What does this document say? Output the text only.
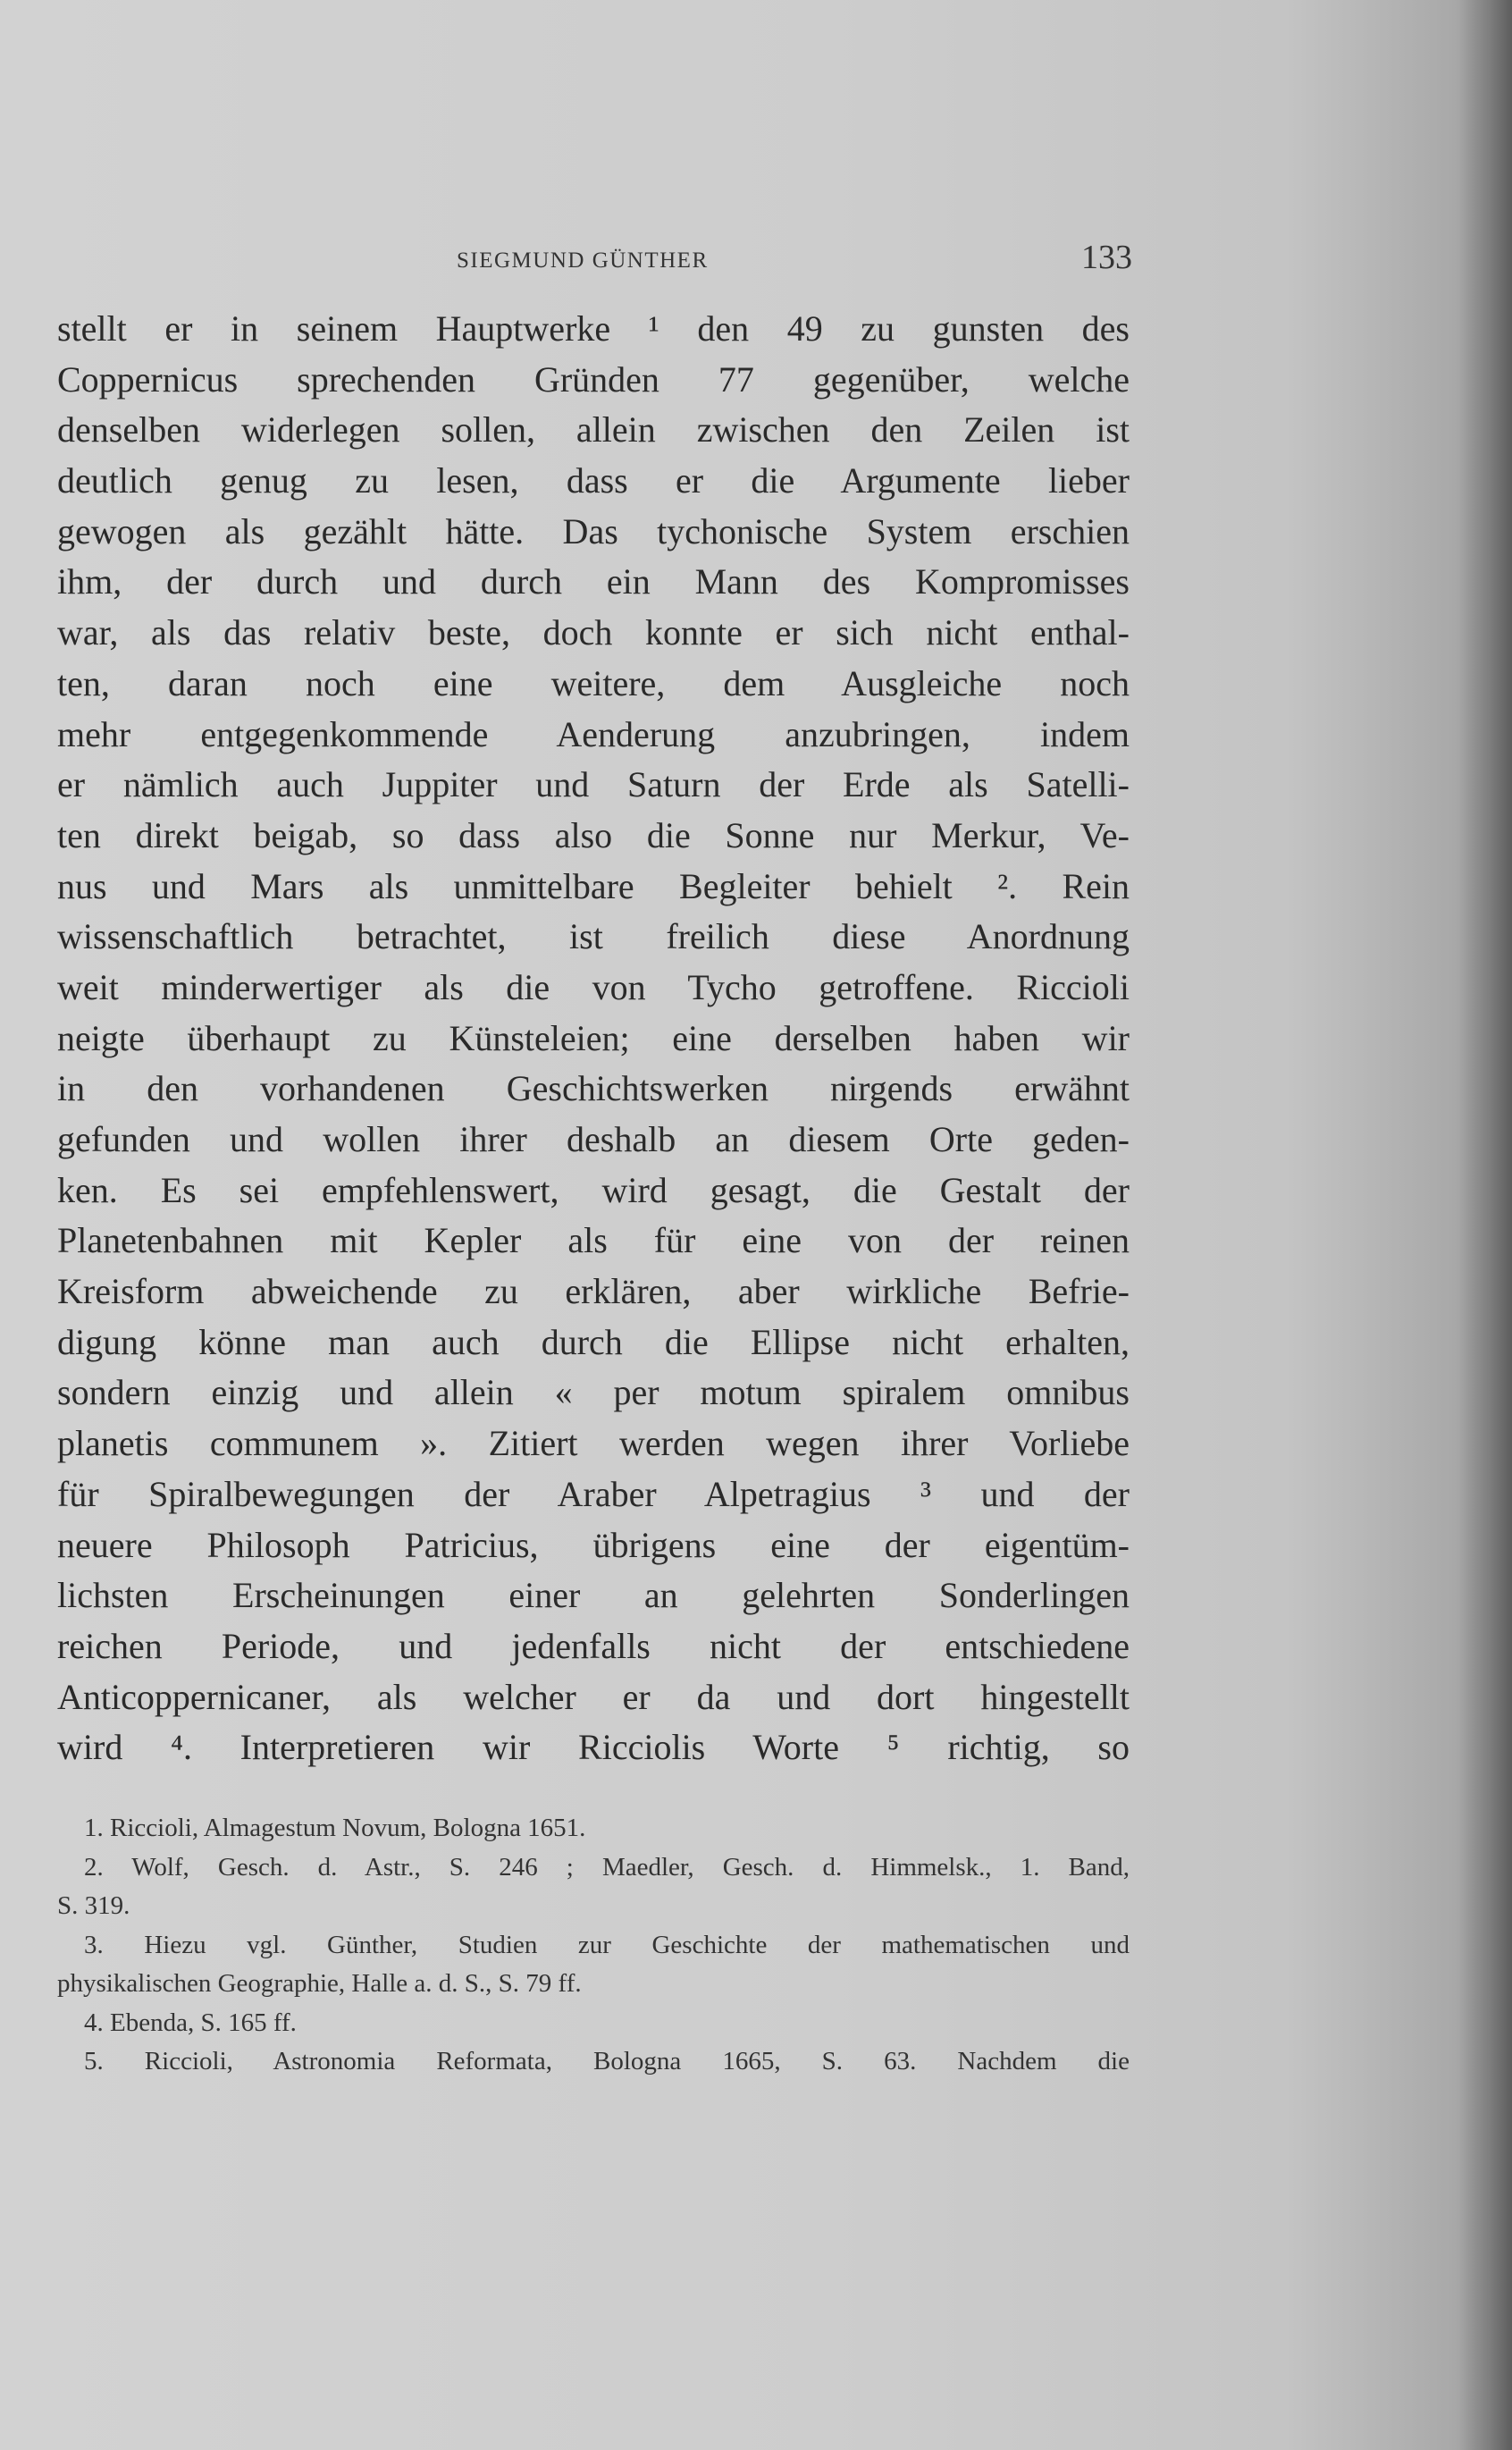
SIEGMUND GÜNTHER	133
stellt er in seinem Hauptwerke ¹ den 49 zu gunsten des
Coppernicus sprechenden Gründen 77 gegenüber, welche
denselben widerlegen sollen, allein zwischen den Zeilen ist
deutlich genug zu lesen, dass er die Argumente lieber
gewogen als gezählt hätte. Das tychonische System erschien
ihm, der durch und durch ein Mann des Kompromisses
war, als das relativ beste, doch konnte er sich nicht enthal-
ten, daran noch eine weitere, dem Ausgleiche noch
mehr entgegenkommende Aenderung anzubringen, indem
er nämlich auch Juppiter und Saturn der Erde als Satelli-
ten direkt beigab, so dass also die Sonne nur Merkur, Ve-
nus und Mars als unmittelbare Begleiter behielt ². Rein
wissenschaftlich betrachtet, ist freilich diese Anordnung
weit minderwertiger als die von Tycho getroffene. Riccioli
neigte überhaupt zu Künsteleien; eine derselben haben wir
in den vorhandenen Geschichtswerken nirgends erwähnt
gefunden und wollen ihrer deshalb an diesem Orte geden-
ken. Es sei empfehlenswert, wird gesagt, die Gestalt der
Planetenbahnen mit Kepler als für eine von der reinen
Kreisform abweichende zu erklären, aber wirkliche Befrie-
digung könne man auch durch die Ellipse nicht erhalten,
sondern einzig und allein « per motum spiralem omnibus
planetis communem ». Zitiert werden wegen ihrer Vorliebe
für Spiralbewegungen der Araber Alpetragius ³ und der
neuere Philosoph Patricius, übrigens eine der eigentüm-
lichsten Erscheinungen einer an gelehrten Sonderlingen
reichen Periode, und jedenfalls nicht der entschiedene
Anticoppernicaner, als welcher er da und dort hingestellt
wird ⁴. Interpretieren wir Ricciolis Worte ⁵ richtig, so
1. Riccioli, Almagestum Novum, Bologna 1651.
2. Wolf, Gesch. d. Astr., S. 246 ; Maedler, Gesch. d. Himmelsk., 1. Band,
S. 319.
3. Hiezu vgl. Günther, Studien zur Geschichte der mathematischen und
physikalischen Geographie, Halle a. d. S., S. 79 ff.
4. Ebenda, S. 165 ff.
5. Riccioli, Astronomia Reformata, Bologna 1665, S. 63. Nachdem die
